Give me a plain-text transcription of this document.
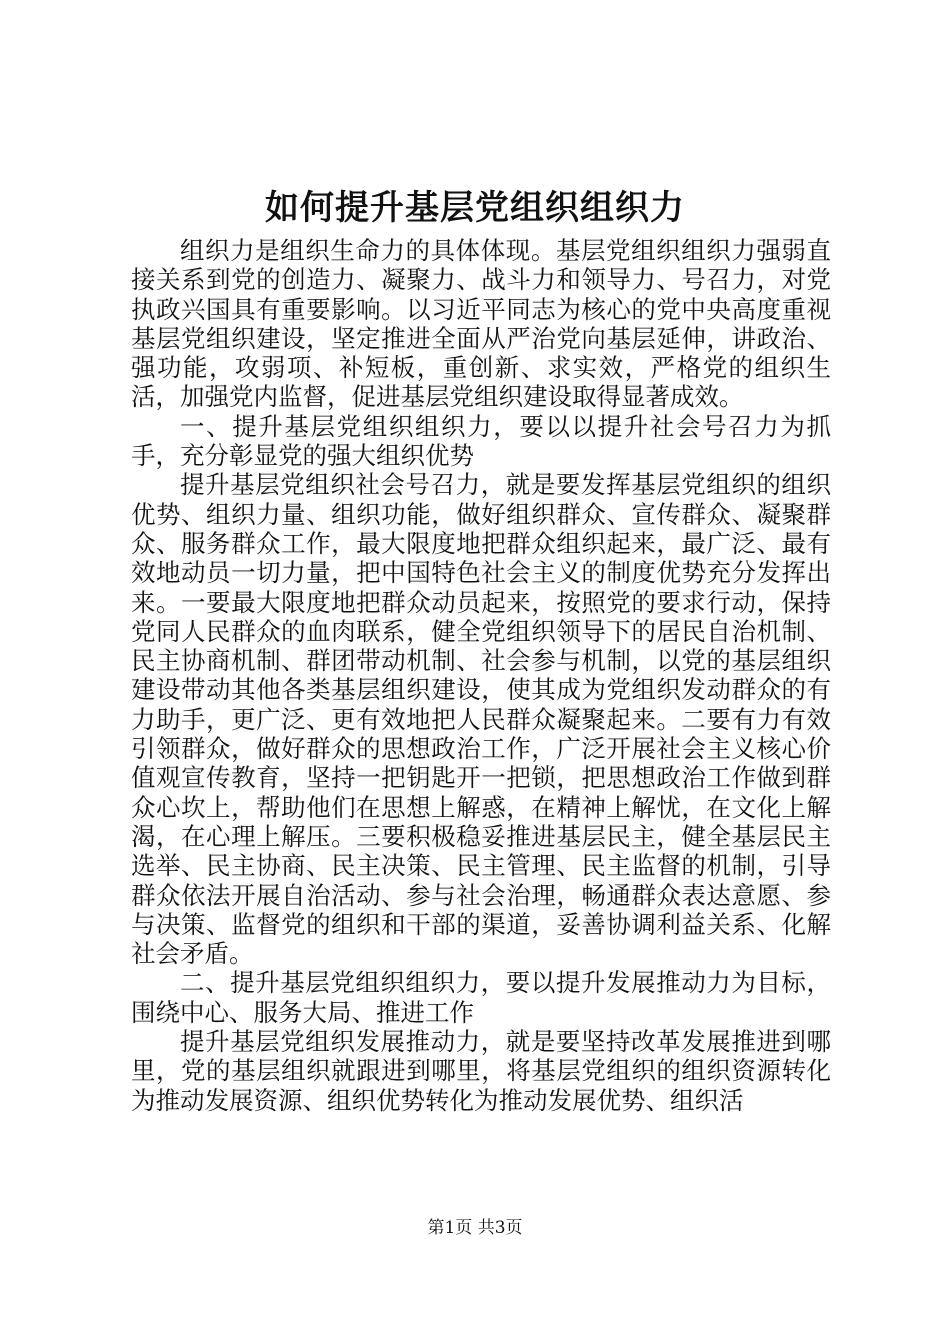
如何提升基层党组织组织力

组织力是组织生命力的具体体现。基层党组织组织力强弱直接关系到党的创造力、凝聚力、战斗力和领导力、号召力，对党执政兴国具有重要影响。以习近平同志为核心的党中央高度重视基层党组织建设，坚定推进全面从严治党向基层延伸，讲政治、强功能，攻弱项、补短板，重创新、求实效，严格党的组织生活，加强党内监督，促进基层党组织建设取得显著成效。

一、提升基层党组织组织力，要以以提升社会号召力为抓手，充分彰显党的强大组织优势

提升基层党组织社会号召力，就是要发挥基层党组织的组织优势、组织力量、组织功能，做好组织群众、宣传群众、凝聚群众、服务群众工作，最大限度地把群众组织起来，最广泛、最有效地动员一切力量，把中国特色社会主义的制度优势充分发挥出来。一要最大限度地把群众动员起来，按照党的要求行动，保持党同人民群众的血肉联系，健全党组织领导下的居民自治机制、民主协商机制、群团带动机制、社会参与机制，以党的基层组织建设带动其他各类基层组织建设，使其成为党组织发动群众的有力助手，更广泛、更有效地把人民群众凝聚起来。二要有力有效引领群众，做好群众的思想政治工作，广泛开展社会主义核心价值观宣传教育，坚持一把钥匙开一把锁，把思想政治工作做到群众心坎上，帮助他们在思想上解惑，在精神上解忧，在文化上解渴，在心理上解压。三要积极稳妥推进基层民主，健全基层民主选举、民主协商、民主决策、民主管理、民主监督的机制，引导群众依法开展自治活动、参与社会治理，畅通群众表达意愿、参与决策、监督党的组织和干部的渠道，妥善协调利益关系、化解社会矛盾。

二、提升基层党组织组织力，要以提升发展推动力为目标，围绕中心、服务大局、推进工作

提升基层党组织发展推动力，就是要坚持改革发展推进到哪里，党的基层组织就跟进到哪里，将基层党组织的组织资源转化为推动发展资源、组织优势转化为推动发展优势、组织活

第1页 共3页
